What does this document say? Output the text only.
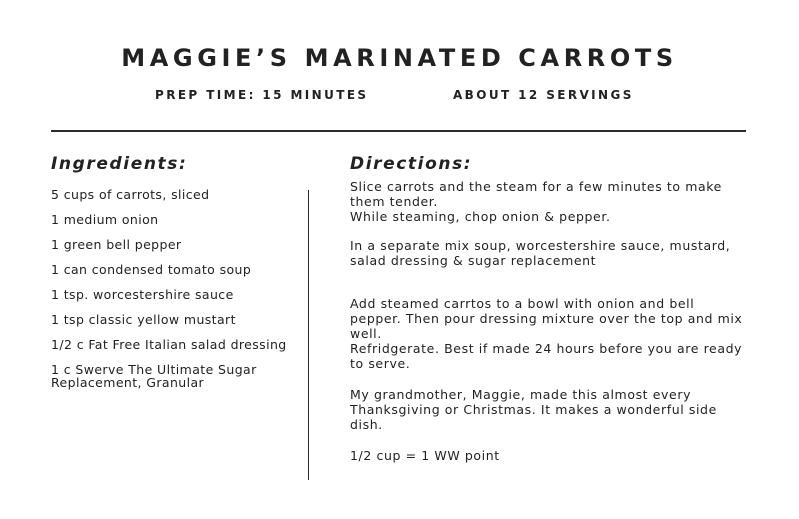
MAGGIE’S MARINATED CARROTS
PREP TIME: 15 MINUTES	ABOUT 12 SERVINGS
Ingredients:
5 cups of carrots, sliced
1 medium onion
1 green bell pepper
1 can condensed tomato soup
1 tsp. worcestershire sauce
1 tsp classic yellow mustart
1/2 c Fat Free Italian salad dressing
1 c Swerve The Ultimate Sugar Replacement, Granular
Directions:

Slice carrots and the steam for a few minutes to make them tender.

While steaming, chop onion & pepper.

In a separate mix soup, worcestershire sauce, mustard, salad dressing & sugar replacement

Add steamed carrtos to a bowl with onion and bell pepper. Then pour dressing mixture over the top and mix well.

Refridgerate. Best if made 24 hours before you are ready to serve.

My grandmother, Maggie, made this almost every Thanksgiving or Christmas. It makes a wonderful side dish.

1/2 cup = 1 WW point
